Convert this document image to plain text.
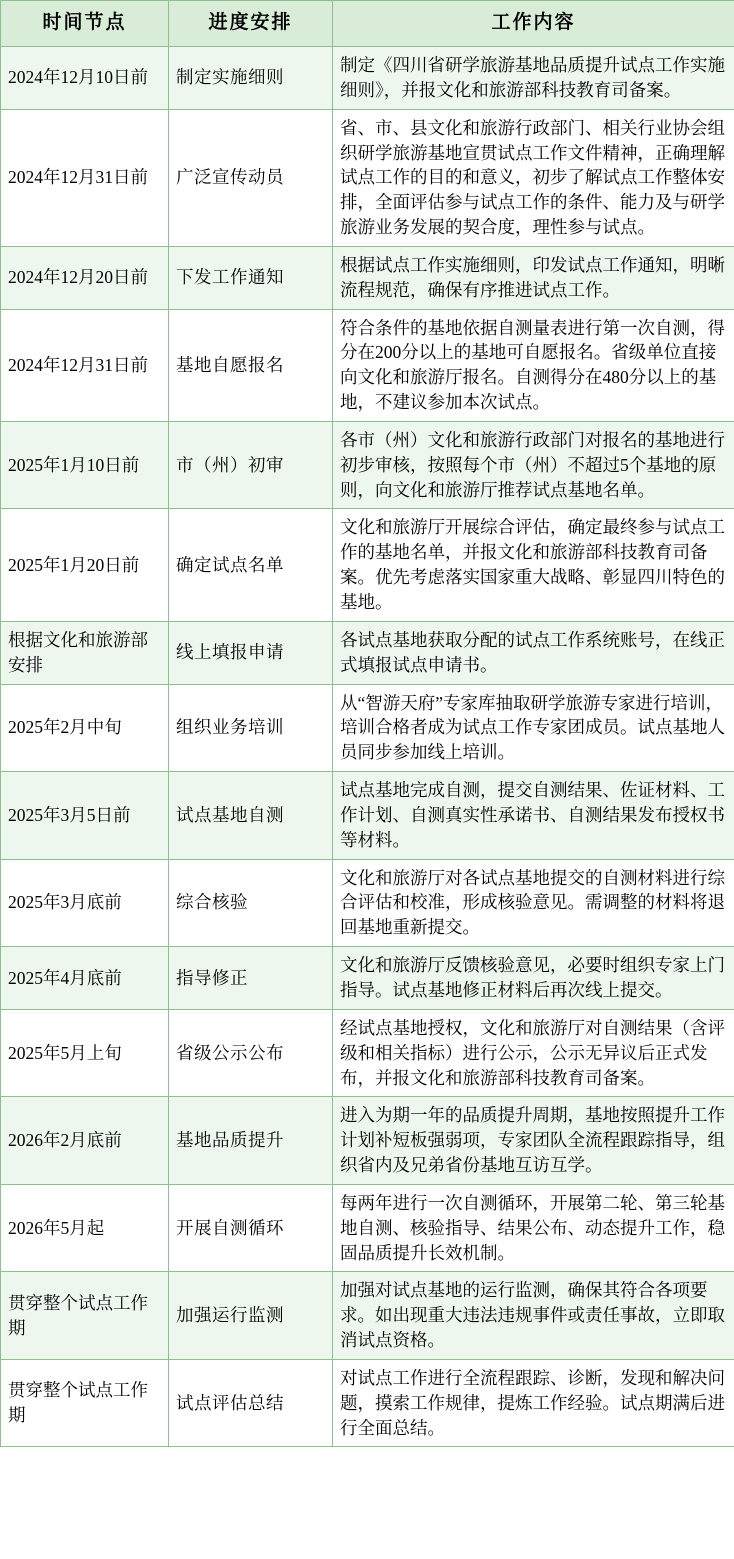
时间节点	进度安排	工作内容
2024年12月10日前	制定实施细则	制定《四川省研学旅游基地品质提升试点工作实施细则》，并报文化和旅游部科技教育司备案。
2024年12月31日前	广泛宣传动员	省、市、县文化和旅游行政部门、相关行业协会组织研学旅游基地宣贯试点工作文件精神，正确理解试点工作的目的和意义，初步了解试点工作整体安排，全面评估参与试点工作的条件、能力及与研学旅游业务发展的契合度，理性参与试点。
2024年12月20日前	下发工作通知	根据试点工作实施细则，印发试点工作通知，明晰流程规范，确保有序推进试点工作。
2024年12月31日前	基地自愿报名	符合条件的基地依据自测量表进行第一次自测，得分在200分以上的基地可自愿报名。省级单位直接向文化和旅游厅报名。自测得分在480分以上的基地，不建议参加本次试点。
2025年1月10日前	市（州）初审	各市（州）文化和旅游行政部门对报名的基地进行初步审核，按照每个市（州）不超过5个基地的原则，向文化和旅游厅推荐试点基地名单。
2025年1月20日前	确定试点名单	文化和旅游厅开展综合评估，确定最终参与试点工作的基地名单，并报文化和旅游部科技教育司备案。优先考虑落实国家重大战略、彰显四川特色的基地。
根据文化和旅游部安排	线上填报申请	各试点基地获取分配的试点工作系统账号，在线正式填报试点申请书。
2025年2月中旬	组织业务培训	从“智游天府”专家库抽取研学旅游专家进行培训，培训合格者成为试点工作专家团成员。试点基地人员同步参加线上培训。
2025年3月5日前	试点基地自测	试点基地完成自测，提交自测结果、佐证材料、工作计划、自测真实性承诺书、自测结果发布授权书等材料。
2025年3月底前	综合核验	文化和旅游厅对各试点基地提交的自测材料进行综合评估和校准，形成核验意见。需调整的材料将退回基地重新提交。
2025年4月底前	指导修正	文化和旅游厅反馈核验意见，必要时组织专家上门指导。试点基地修正材料后再次线上提交。
2025年5月上旬	省级公示公布	经试点基地授权，文化和旅游厅对自测结果（含评级和相关指标）进行公示，公示无异议后正式发布，并报文化和旅游部科技教育司备案。
2026年2月底前	基地品质提升	进入为期一年的品质提升周期，基地按照提升工作计划补短板强弱项，专家团队全流程跟踪指导，组织省内及兄弟省份基地互访互学。
2026年5月起	开展自测循环	每两年进行一次自测循环，开展第二轮、第三轮基地自测、核验指导、结果公布、动态提升工作，稳固品质提升长效机制。
贯穿整个试点工作期	加强运行监测	加强对试点基地的运行监测，确保其符合各项要求。如出现重大违法违规事件或责任事故，立即取消试点资格。
贯穿整个试点工作期	试点评估总结	对试点工作进行全流程跟踪、诊断，发现和解决问题，摸索工作规律，提炼工作经验。试点期满后进行全面总结。
